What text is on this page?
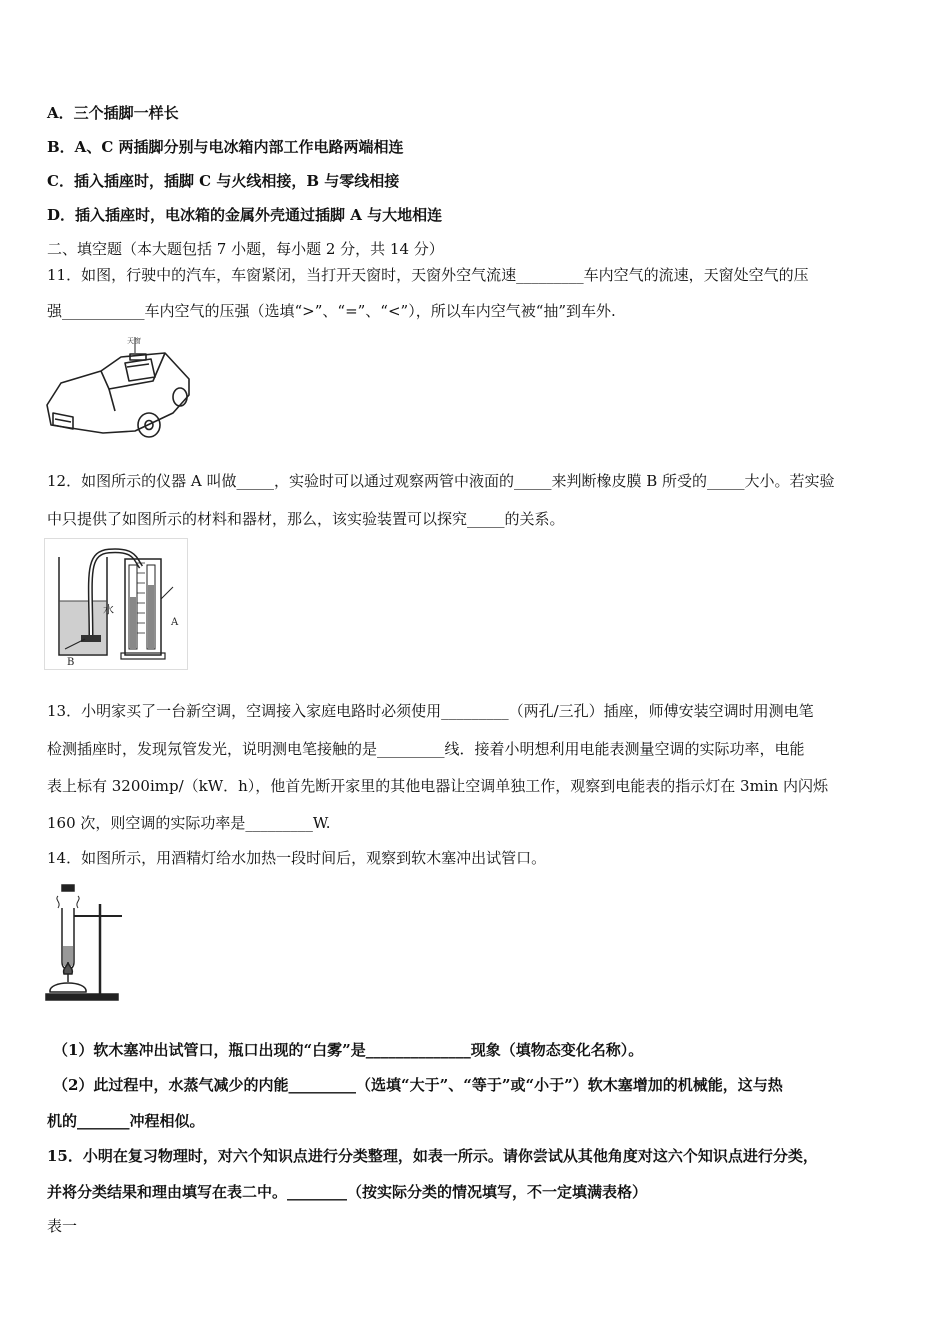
A．三个插脚一样长
B．A、C 两插脚分别与电冰箱内部工作电路两端相连
C．插入插座时，插脚 C 与火线相接，B 与零线相接
D．插入插座时，电冰箱的金属外壳通过插脚 A 与大地相连
二、填空题（本大题包括 7 小题，每小题 2 分，共 14 分）
11．如图，行驶中的汽车，车窗紧闭，当打开天窗时，天窗外空气流速_________车内空气的流速，天窗处空气的压
强___________车内空气的压强（选填“>”、“=”、“<”），所以车内空气被“抽”到车外.
天窗
12．如图所示的仪器 A 叫做_____，实验时可以通过观察两管中液面的_____来判断橡皮膜 B 所受的_____大小。若实验
中只提供了如图所示的材料和器材，那么，该实验装置可以探究_____的关系。
水
A
B
13．小明家买了一台新空调，空调接入家庭电路时必须使用_________（两孔/三孔）插座，师傅安装空调时用测电笔
检测插座时，发现氖管发光，说明测电笔接触的是_________线．接着小明想利用电能表测量空调的实际功率，电能
表上标有 3200imp/（kW．h），他首先断开家里的其他电器让空调单独工作，观察到电能表的指示灯在 3min 内闪烁
160 次，则空调的实际功率是_________W.
14．如图所示，用酒精灯给水加热一段时间后，观察到软木塞冲出试管口。
（1）软木塞冲出试管口，瓶口出现的“白雾”是______________现象（填物态变化名称）。
（2）此过程中，水蒸气减少的内能_________（选填“大于”、“等于”或“小于”）软木塞增加的机械能，这与热
机的_______冲程相似。
15．小明在复习物理时，对六个知识点进行分类整理，如表一所示。请你尝试从其他角度对这六个知识点进行分类，
并将分类结果和理由填写在表二中。________（按实际分类的情况填写，不一定填满表格）
表一
